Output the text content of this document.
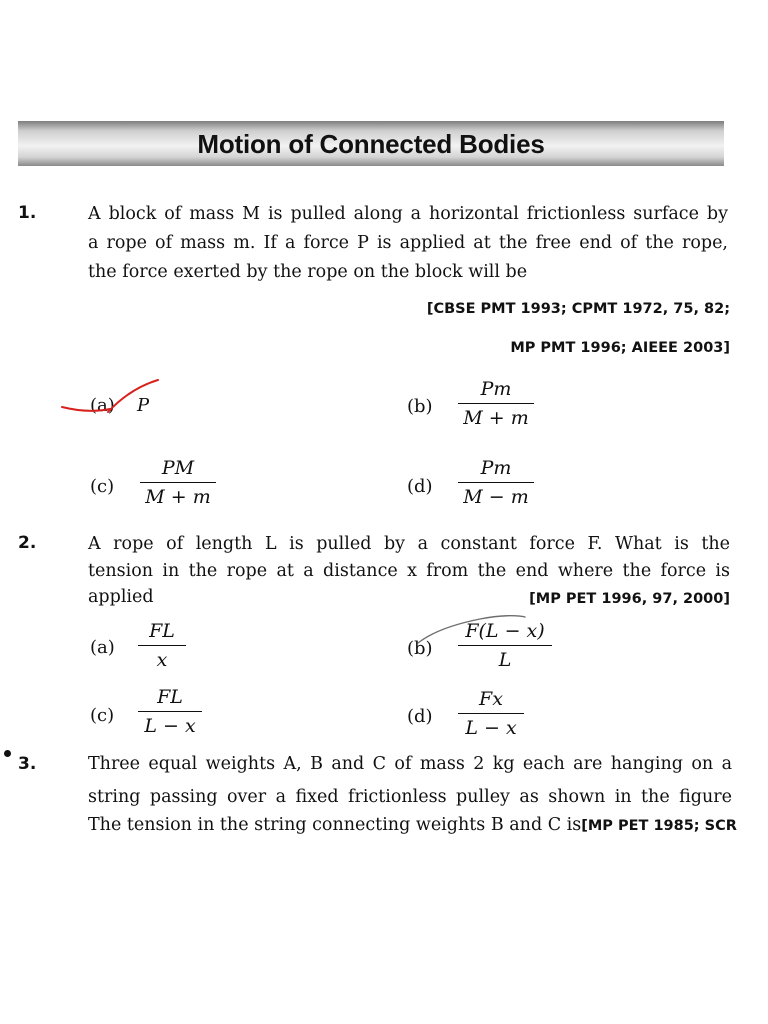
Motion of Connected Bodies
1.	A block of mass M is pulled along a horizontal frictionless surface by
a rope of mass m. If a force P is applied at the free end of the rope,
the force exerted by the rope on the block will be
[CBSE PMT 1993; CPMT 1972, 75, 82;
MP PMT 1996; AIEEE 2003]
(a) P	(b)
Pm
M + m
(c)
PM
M + m	(d)
Pm
M − m
2.	A rope of length L is pulled by a constant force F. What is the
tension in the rope at a distance x from the end where the force is
applied	[MP PET 1996, 97, 2000]
(a)
FL
x
(b)
F(L − x)
L
(c)
FL
L − x	(d)
Fx
L − x
3.	Three equal weights A, B and C of mass 2 kg each are hanging on a
string passing over a fixed frictionless pulley as shown in the figure
The tension in the string connecting weights B and C is[MP PET 1985; SCR
